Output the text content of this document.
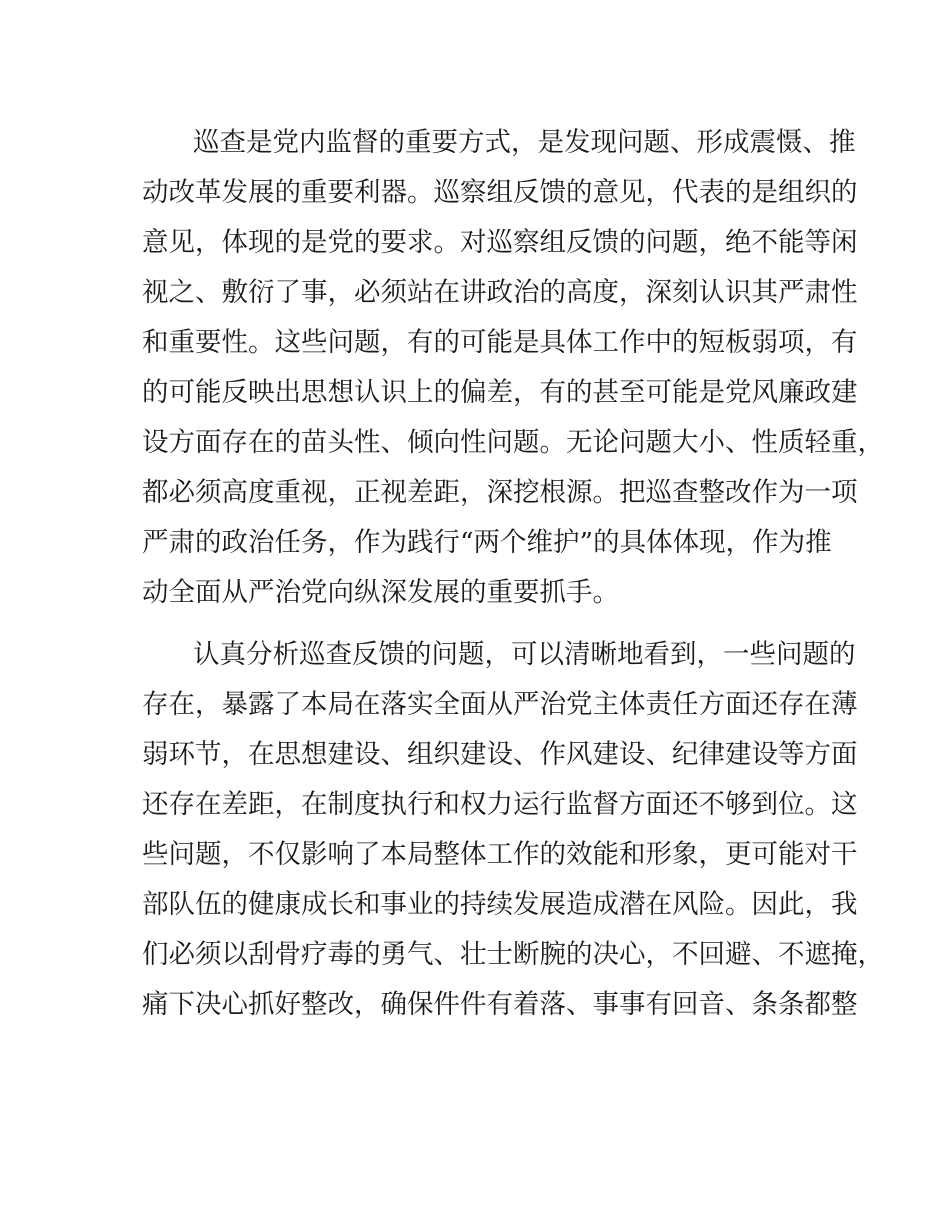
巡查是党内监督的重要方式，是发现问题、形成震慑、推
动改革发展的重要利器。巡察组反馈的意见，代表的是组织的
意见，体现的是党的要求。对巡察组反馈的问题，绝不能等闲
视之、敷衍了事，必须站在讲政治的高度，深刻认识其严肃性
和重要性。这些问题，有的可能是具体工作中的短板弱项，有
的可能反映出思想认识上的偏差，有的甚至可能是党风廉政建
设方面存在的苗头性、倾向性问题。无论问题大小、性质轻重，
都必须高度重视，正视差距，深挖根源。把巡查整改作为一项
严肃的政治任务，作为践行“两个维护”的具体体现，作为推
动全面从严治党向纵深发展的重要抓手。
认真分析巡查反馈的问题，可以清晰地看到，一些问题的
存在，暴露了本局在落实全面从严治党主体责任方面还存在薄
弱环节，在思想建设、组织建设、作风建设、纪律建设等方面
还存在差距，在制度执行和权力运行监督方面还不够到位。这
些问题，不仅影响了本局整体工作的效能和形象，更可能对干
部队伍的健康成长和事业的持续发展造成潜在风险。因此，我
们必须以刮骨疗毒的勇气、壮士断腕的决心，不回避、不遮掩，
痛下决心抓好整改，确保件件有着落、事事有回音、条条都整
